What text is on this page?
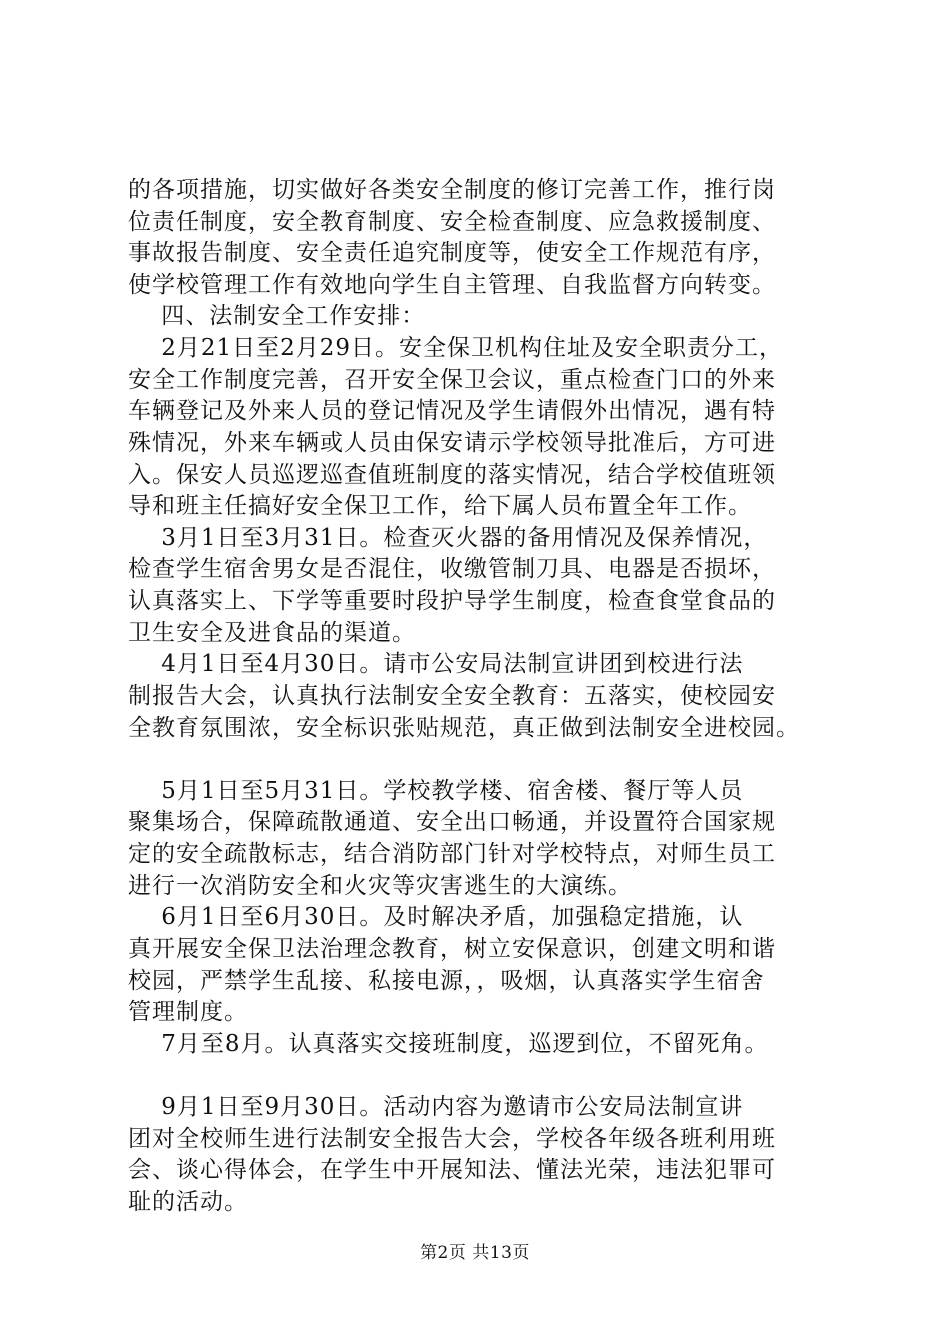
的各项措施，切实做好各类安全制度的修订完善工作，推行岗
位责任制度，安全教育制度、安全检查制度、应急救援制度、
事故报告制度、安全责任追究制度等，使安全工作规范有序，
使学校管理工作有效地向学生自主管理、自我监督方向转变。
四、法制安全工作安排：
2月21日至2月29日。安全保卫机构住址及安全职责分工，
安全工作制度完善，召开安全保卫会议，重点检查门口的外来
车辆登记及外来人员的登记情况及学生请假外出情况，遇有特
殊情况，外来车辆或人员由保安请示学校领导批准后，方可进
入。保安人员巡逻巡查值班制度的落实情况，结合学校值班领
导和班主任搞好安全保卫工作，给下属人员布置全年工作。
3月1日至3月31日。检查灭火器的备用情况及保养情况，
检查学生宿舍男女是否混住，收缴管制刀具、电器是否损坏，
认真落实上、下学等重要时段护导学生制度，检查食堂食品的
卫生安全及进食品的渠道。
4月1日至4月30日。请市公安局法制宣讲团到校进行法
制报告大会，认真执行法制安全安全教育：五落实，使校园安
全教育氛围浓，安全标识张贴规范，真正做到法制安全进校园。
5月1日至5月31日。学校教学楼、宿舍楼、餐厅等人员
聚集场合，保障疏散通道、安全出口畅通，并设置符合国家规
定的安全疏散标志，结合消防部门针对学校特点，对师生员工
进行一次消防安全和火灾等灾害逃生的大演练。
6月1日至6月30日。及时解决矛盾，加强稳定措施，认
真开展安全保卫法治理念教育，树立安保意识，创建文明和谐
校园，严禁学生乱接、私接电源，，吸烟，认真落实学生宿舍
管理制度。
7月至8月。认真落实交接班制度，巡逻到位，不留死角。
9月1日至9月30日。活动内容为邀请市公安局法制宣讲
团对全校师生进行法制安全报告大会，学校各年级各班利用班
会、谈心得体会，在学生中开展知法、懂法光荣，违法犯罪可
耻的活动。
第2页 共13页
